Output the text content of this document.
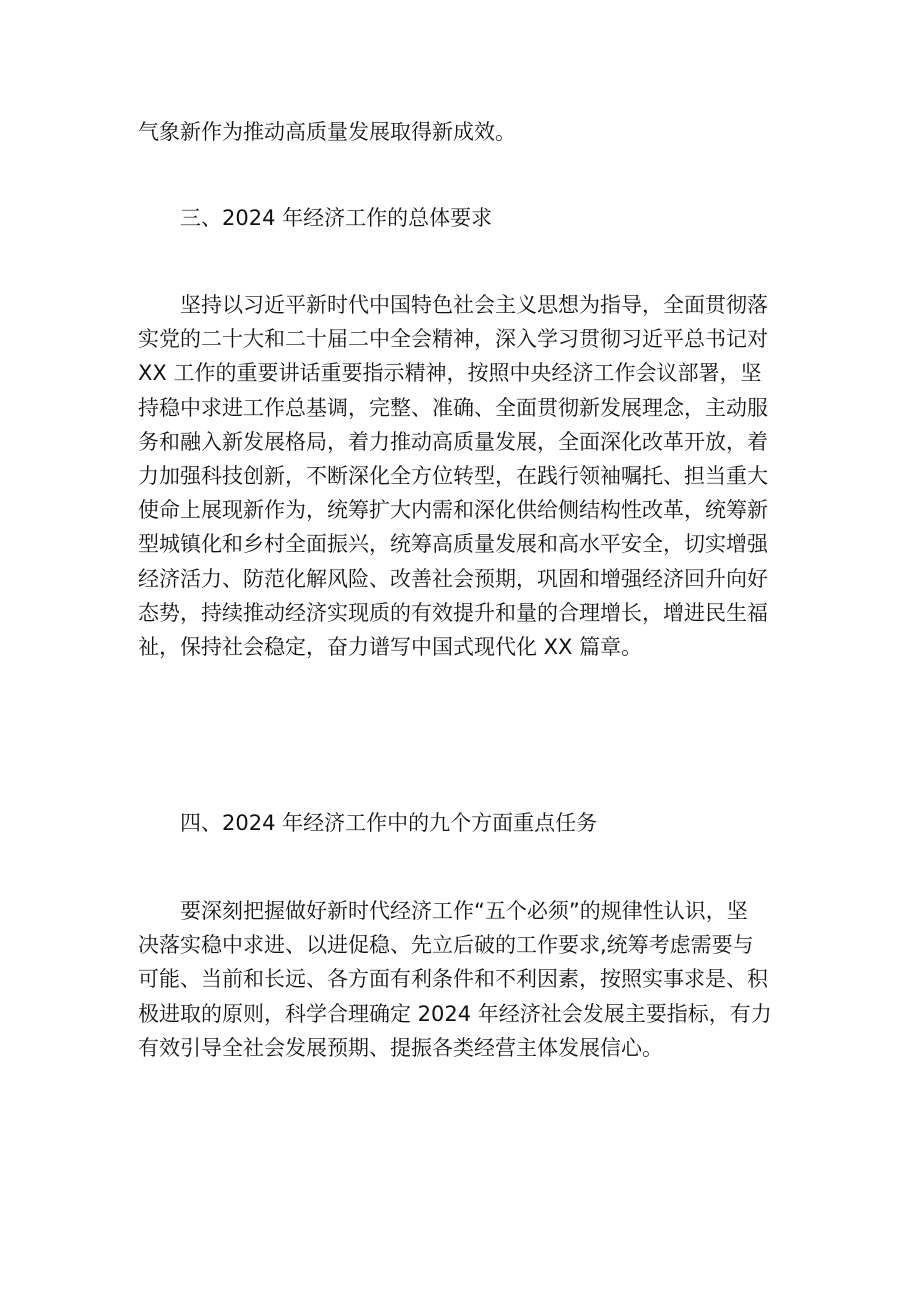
气象新作为推动高质量发展取得新成效。
三、2024 年经济工作的总体要求
坚持以习近平新时代中国特色社会主义思想为指导，全面贯彻落
实党的二十大和二十届二中全会精神，深入学习贯彻习近平总书记对
XX 工作的重要讲话重要指示精神，按照中央经济工作会议部署，坚
持稳中求进工作总基调，完整、准确、全面贯彻新发展理念，主动服
务和融入新发展格局，着力推动高质量发展，全面深化改革开放，着
力加强科技创新，不断深化全方位转型，在践行领袖嘱托、担当重大
使命上展现新作为，统筹扩大内需和深化供给侧结构性改革，统筹新
型城镇化和乡村全面振兴，统筹高质量发展和高水平安全，切实增强
经济活力、防范化解风险、改善社会预期，巩固和增强经济回升向好
态势，持续推动经济实现质的有效提升和量的合理增长，增进民生福
祉，保持社会稳定，奋力谱写中国式现代化 XX 篇章。
四、2024 年经济工作中的九个方面重点任务
要深刻把握做好新时代经济工作“五个必须”的规律性认识，坚
决落实稳中求进、以进促稳、先立后破的工作要求,统筹考虑需要与
可能、当前和长远、各方面有利条件和不利因素，按照实事求是、积
极进取的原则，科学合理确定 2024 年经济社会发展主要指标，有力
有效引导全社会发展预期、提振各类经营主体发展信心。
